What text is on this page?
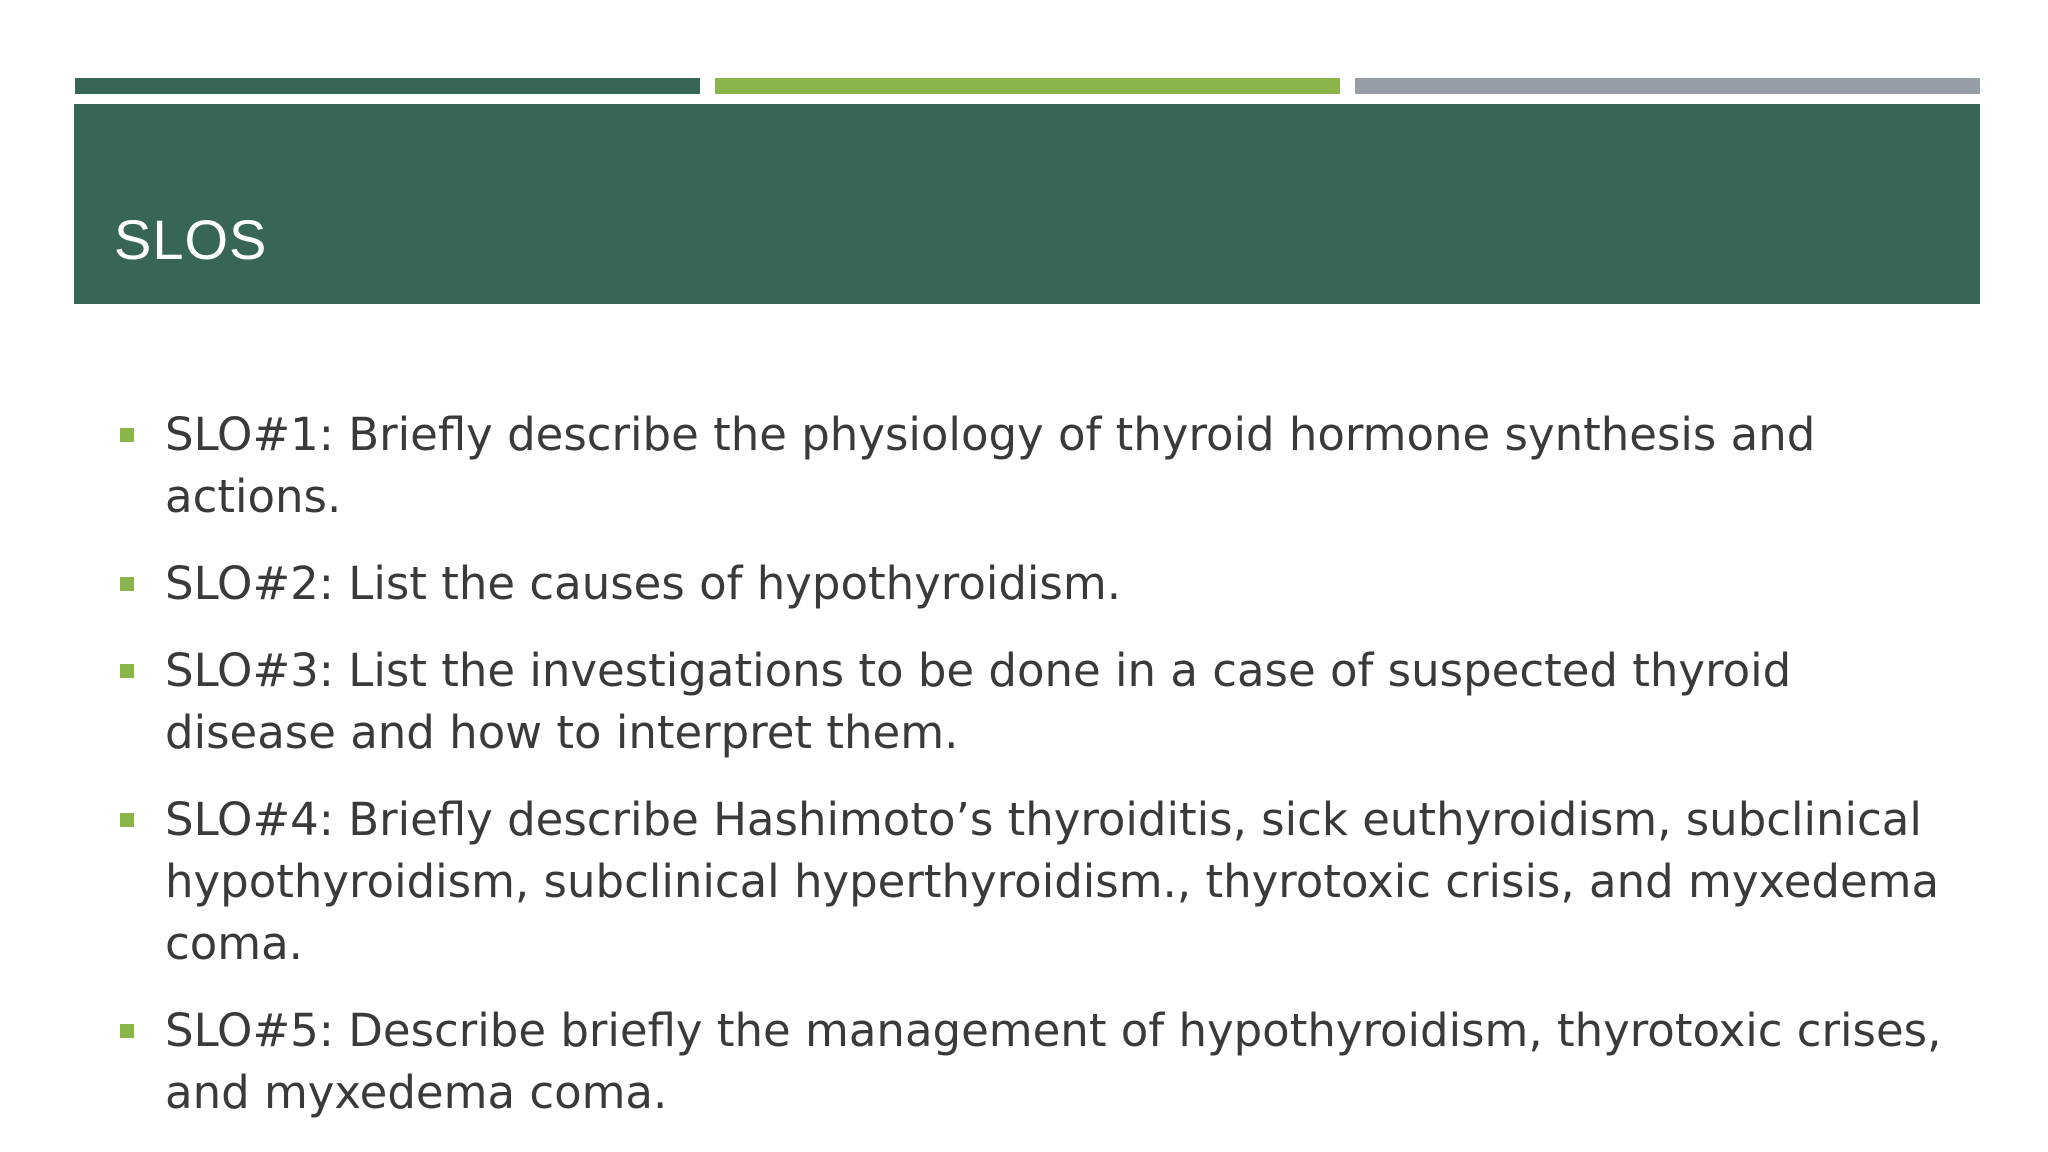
SLOS
SLO#1: Briefly describe the physiology of thyroid hormone synthesis and actions.
SLO#2: List the causes of hypothyroidism.
SLO#3: List the investigations to be done in a case of suspected thyroid disease and how to interpret them.
SLO#4: Briefly describe Hashimoto’s thyroiditis, sick euthyroidism, subclinical hypothyroidism, subclinical hyperthyroidism., thyrotoxic crisis, and myxedema coma.
SLO#5: Describe briefly the management of hypothyroidism, thyrotoxic crises, and myxedema coma.
